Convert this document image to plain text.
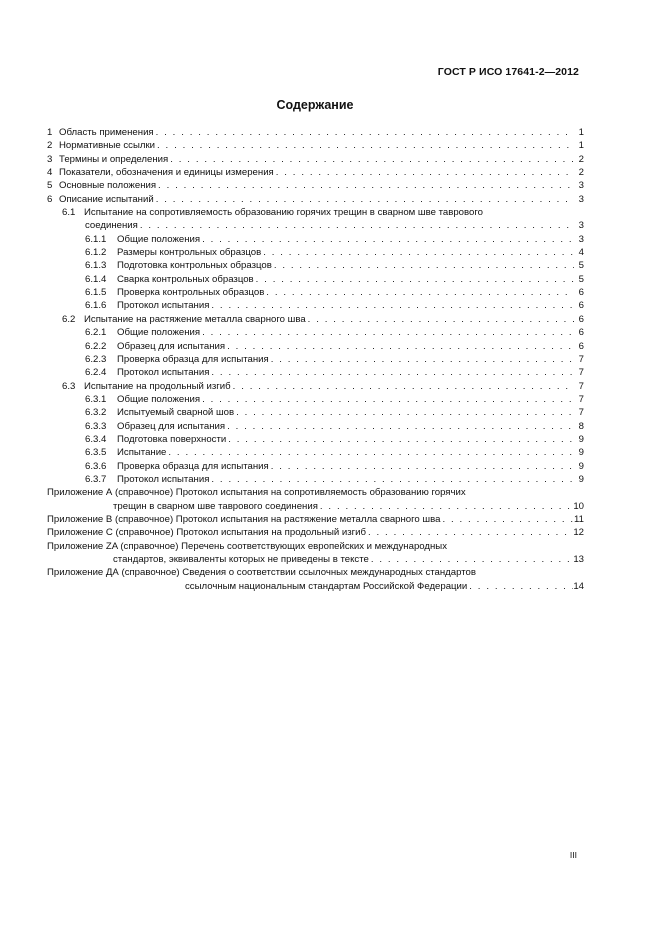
ГОСТ Р ИСО 17641-2—2012
Содержание
1 Область применения . . .	1
2 Нормативные ссылки . . .	1
3 Термины и определения . . .	2
4 Показатели, обозначения и единицы измерения . . .	2
5 Основные положения . . .	3
6 Описание испытаний . . .	3
6.1 Испытание на сопротивляемость образованию горячих трещин в сварном шве таврового
соединения . . .	3
6.1.1 Общие положения . . .	3
6.1.2 Размеры контрольных образцов . . .	4
6.1.3 Подготовка контрольных образцов . . .	5
6.1.4 Сварка контрольных образцов . . .	5
6.1.5 Проверка контрольных образцов . . .	6
6.1.6 Протокол испытания . . .	6
6.2 Испытание на растяжение металла сварного шва . . .	6
6.2.1 Общие положения . . .	6
6.2.2 Образец для испытания . . .	6
6.2.3 Проверка образца для испытания . . .	7
6.2.4 Протокол испытания . . .	7
6.3 Испытание на продольный изгиб . . .	7
6.3.1 Общие положения . . .	7
6.3.2 Испытуемый сварной шов . . .	7
6.3.3 Образец для испытания . . .	8
6.3.4 Подготовка поверхности . . .	9
6.3.5 Испытание . . .	9
6.3.6 Проверка образца для испытания . . .	9
6.3.7 Протокол испытания . . .	9
Приложение А (справочное) Протокол испытания на сопротивляемость образованию горячих
трещин в сварном шве таврового соединения . . .	10
Приложение В (справочное) Протокол испытания на растяжение металла сварного шва . . .	11
Приложение С (справочное) Протокол испытания на продольный изгиб . . .	12
Приложение ZA (справочное) Перечень соответствующих европейских и международных
стандартов, эквиваленты которых не приведены в тексте . . .	13
Приложение ДА (справочное) Сведения о соответствии ссылочных международных стандартов
ссылочным национальным стандартам Российской Федерации . . .	14
III
